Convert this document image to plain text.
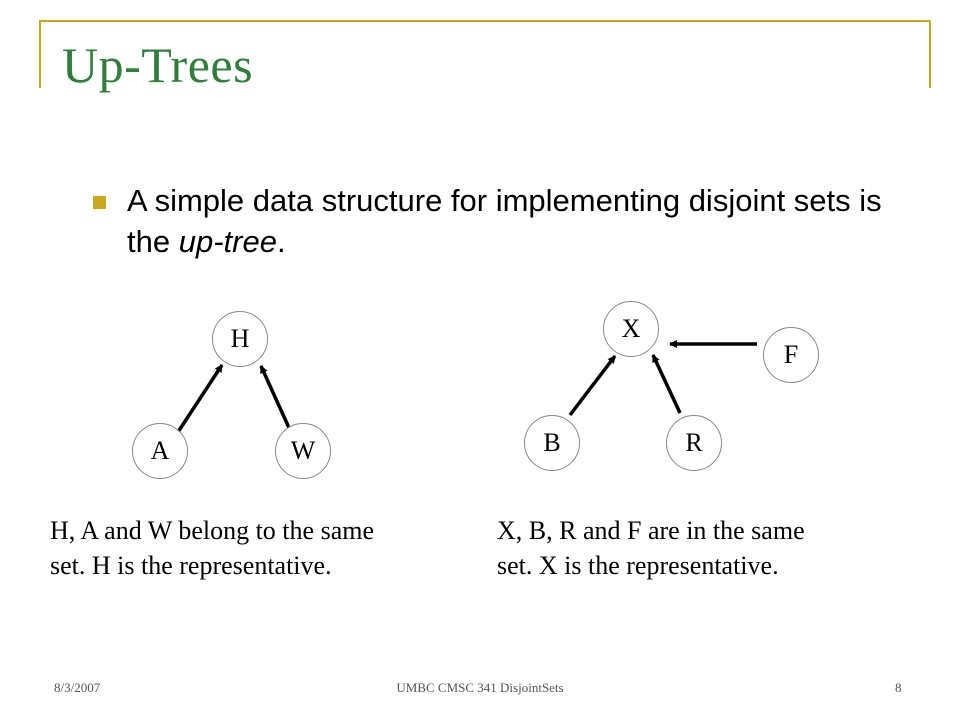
Up-Trees
A simple data structure for implementing disjoint sets is the up-tree.
H
A	W
X
B	R
F
H, A and W belong to the same
set. H is the representative.
X, B, R and F are in the same
set. X is the representative.
8/3/2007	UMBC CMSC 341 DisjointSets	8
